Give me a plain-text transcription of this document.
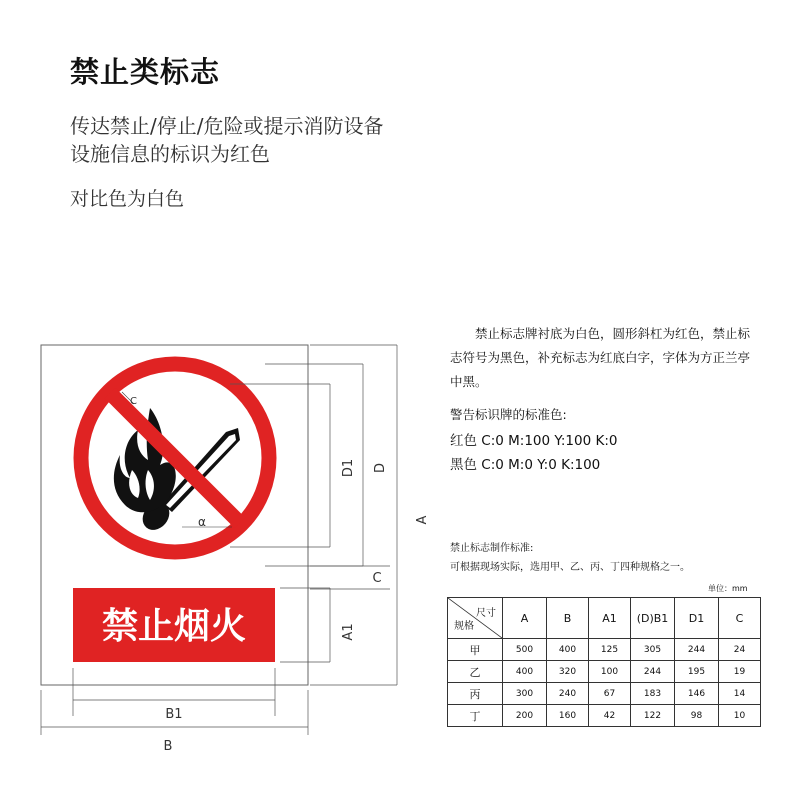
禁止类标志
传达禁止/停止/危险或提示消防设备
设施信息的标识为红色
对比色为白色
C
α
禁止烟火
D1 D
A
C
A1
B1
B
禁止标志牌衬底为白色，圆形斜杠为红色，禁止标志符号为黑色，补充标志为红底白字，字体为方正兰亭中黑。
警告标识牌的标准色:
红色 C:0 M:100 Y:100 K:0
黑色 C:0 M:0 Y:0 K:100
禁止标志制作标准:
可根据现场实际，选用甲、乙、丙、丁四种规格之一。
单位：mm
尺寸
规格	A	B	A1	(D)B1	D1	C
甲	500	400	125	305	244	24
乙	400	320	100	244	195	19
丙	300	240	67	183	146	14
丁	200	160	42	122	98	10
